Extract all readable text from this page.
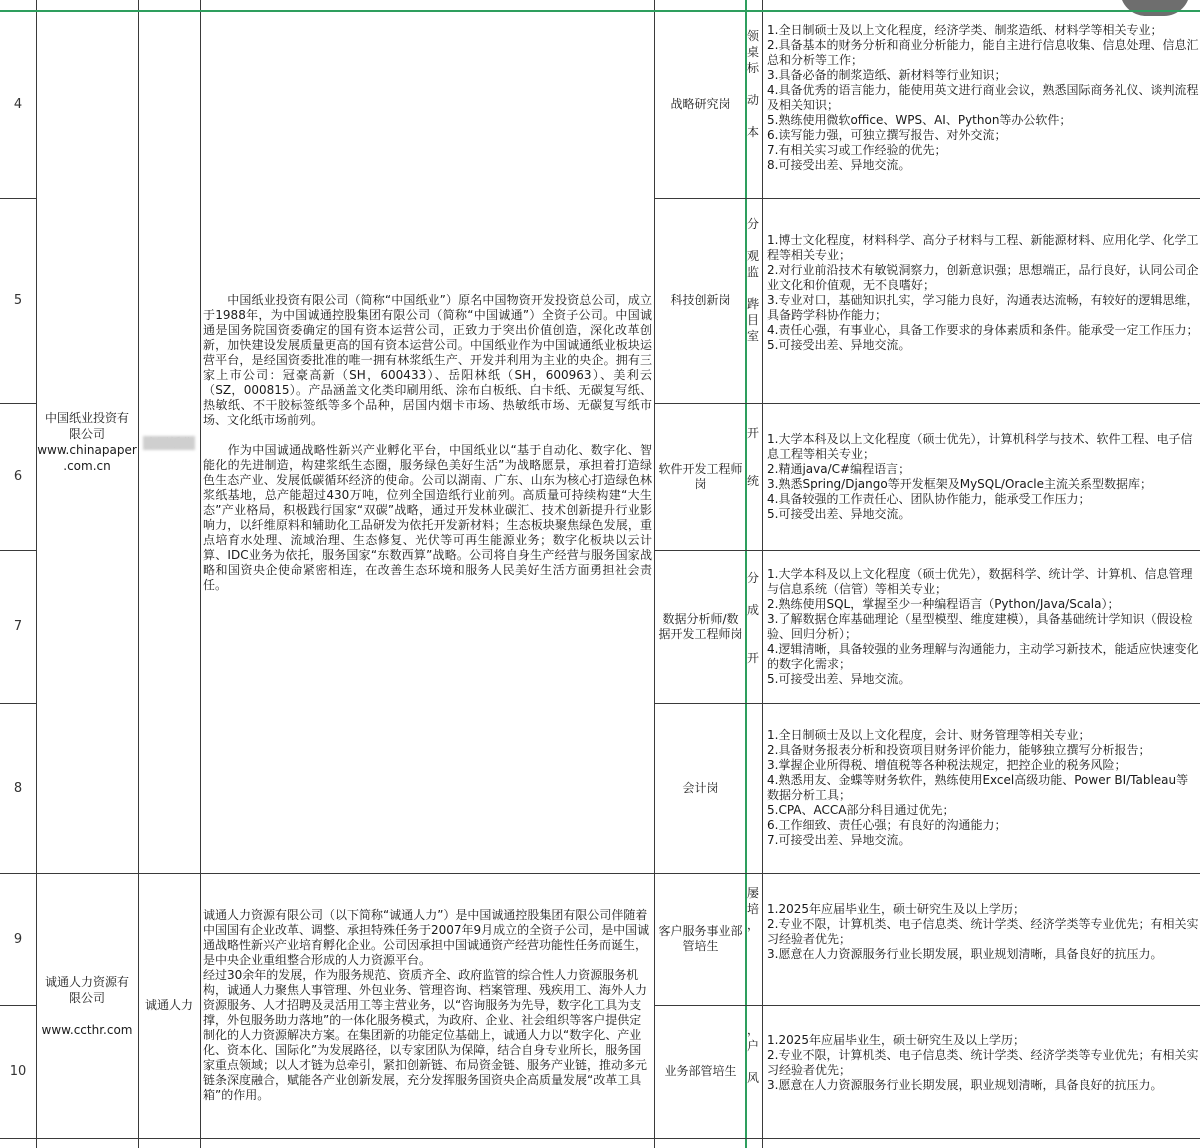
4
5
6
7
8
9
10
中国纸业投资有
限公司
www.chinapaper
.com.cn
　　中国纸业投资有限公司（简称“中国纸业”）原名中国物资开发投资总公司，成立于1988年，为中国诚通控股集团有限公司（简称“中国诚通”）全资子公司。中国诚通是国务院国资委确定的国有资本运营公司，正致力于突出价值创造，深化改革创新，加快建设发展质量更高的国有资本运营公司。中国纸业作为中国诚通纸业板块运营平台，是经国资委批准的唯一拥有林浆纸生产、开发并利用为主业的央企。拥有三家上市公司：冠豪高新（SH，600433）、岳阳林纸（SH，600963）、美利云（SZ，000815）。产品涵盖文化类印刷用纸、涂布白板纸、白卡纸、无碳复写纸、热敏纸、不干胶标签纸等多个品种，居国内烟卡市场、热敏纸市场、无碳复写纸市场、文化纸市场前列。

　　作为中国诚通战略性新兴产业孵化平台，中国纸业以“基于自动化、数字化、智能化的先进制造，构建浆纸生态圈，服务绿色美好生活”为战略愿景，承担着打造绿色生态产业、发展低碳循环经济的使命。公司以湖南、广东、山东为核心打造绿色林浆纸基地，总产能超过430万吨，位列全国造纸行业前列。高质量可持续构建“大生态”产业格局，积极践行国家“双碳”战略，通过开发林业碳汇、技术创新提升行业影响力，以纤维原料和辅助化工品研发为依托开发新材料；生态板块聚焦绿色发展，重点培育水处理、流域治理、生态修复、光伏等可再生能源业务；数字化板块以云计算、IDC业务为依托，服务国家“东数西算”战略。公司将自身生产经营与服务国家战略和国资央企使命紧密相连，在改善生态环境和服务人民美好生活方面勇担社会责任。
诚通人力资源有
限公司

www.ccthr.com
诚通人力
诚通人力资源有限公司（以下简称“诚通人力”）是中国诚通控股集团有限公司伴随着中国国有企业改革、调整、承担特殊任务于2007年9月成立的全资子公司，是中国诚通战略性新兴产业培育孵化企业。公司因承担中国诚通资产经营功能性任务而诞生，是中央企业重组整合形成的人力资源平台。
经过30余年的发展，作为服务规范、资质齐全、政府监管的综合性人力资源服务机构，诚通人力聚焦人事管理、外包业务、管理咨询、档案管理、残疾用工、海外人力资源服务、人才招聘及灵活用工等主营业务，以“咨询服务为先导，数字化工具为支撑，外包服务助力落地”的一体化服务模式，为政府、企业、社会组织等客户提供定制化的人力资源解决方案。在集团新的功能定位基础上，诚通人力以“数字化、产业化、资本化、国际化”为发展路径，以专家团队为保障，结合自身专业所长，服务国家重点领域；以人才链为总牵引，紧扣创新链、布局资金链、服务产业链，推动多元链条深度融合，赋能各产业创新发展，充分发挥服务国资央企高质量发展“改革工具箱”的作用。
战略研究岗
科技创新岗
软件开发工程师岗
数据分析师/数据开发工程师岗
会计岗
客户服务事业部管培生
业务部管培生
领
桌
标

动

本
分

观
监

跸
目
室
开

统
分

成

开
屡
培
，
，
户

风
1.全日制硕士及以上文化程度，经济学类、制浆造纸、材料学等相关专业；
2.具备基本的财务分析和商业分析能力，能自主进行信息收集、信息处理、信息汇总和分析等工作；
3.具备必备的制浆造纸、新材料等行业知识；
4.具备优秀的语言能力，能使用英文进行商业会议，熟悉国际商务礼仪、谈判流程及相关知识；
5.熟练使用微软office、WPS、AI、Python等办公软件；
6.读写能力强，可独立撰写报告、对外交流；
7.有相关实习或工作经验的优先；
8.可接受出差、异地交流。
1.博士文化程度，材料科学、高分子材料与工程、新能源材料、应用化学、化学工程等相关专业；
2.对行业前沿技术有敏锐洞察力，创新意识强；思想端正，品行良好，认同公司企业文化和价值观，无不良嗜好；
3.专业对口，基础知识扎实，学习能力良好，沟通表达流畅，有较好的逻辑思维，具备跨学科协作能力；
4.责任心强，有事业心，具备工作要求的身体素质和条件。能承受一定工作压力；
5.可接受出差、异地交流。
1.大学本科及以上文化程度（硕士优先），计算机科学与技术、软件工程、电子信息工程等相关专业；
2.精通java/C#编程语言；
3.熟悉Spring/Django等开发框架及MySQL/Oracle主流关系型数据库；
4.具备较强的工作责任心、团队协作能力，能承受工作压力；
5.可接受出差、异地交流。
1.大学本科及以上文化程度（硕士优先），数据科学、统计学、计算机、信息管理与信息系统（信管）等相关专业；
2.熟练使用SQL，掌握至少一种编程语言（Python/Java/Scala）；
3.了解数据仓库基础理论（星型模型、维度建模），具备基础统计学知识（假设检验、回归分析）；
4.逻辑清晰，具备较强的业务理解与沟通能力，主动学习新技术，能适应快速变化的数字化需求；
5.可接受出差、异地交流。
1.全日制硕士及以上文化程度，会计、财务管理等相关专业；
2.具备财务报表分析和投资项目财务评价能力，能够独立撰写分析报告；
3.掌握企业所得税、增值税等各种税法规定，把控企业的税务风险；
4.熟悉用友、金蝶等财务软件，熟练使用Excel高级功能、Power BI/Tableau等数据分析工具；
5.CPA、ACCA部分科目通过优先；
6.工作细致、责任心强；有良好的沟通能力；
7.可接受出差、异地交流。
1.2025年应届毕业生，硕士研究生及以上学历；
2.专业不限，计算机类、电子信息类、统计学类、经济学类等专业优先；有相关实习经验者优先；
3.愿意在人力资源服务行业长期发展，职业规划清晰，具备良好的抗压力。
1.2025年应届毕业生，硕士研究生及以上学历；
2.专业不限，计算机类、电子信息类、统计学类、经济学类等专业优先；有相关实习经验者优先；
3.愿意在人力资源服务行业长期发展，职业规划清晰，具备良好的抗压力。
